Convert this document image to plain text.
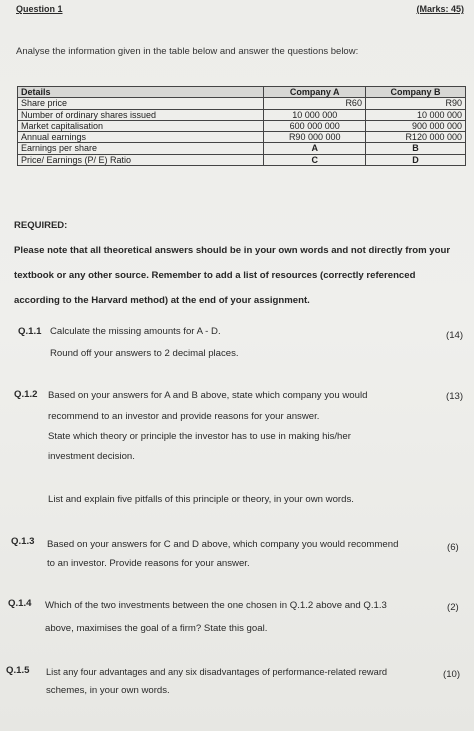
Question 1	(Marks: 45)
Analyse the information given in the table below and answer the questions below:
Details	Company A	Company B
Share price	R60	R90
Number of ordinary shares issued	10 000 000	10 000 000
Market capitalisation	600 000 000	900 000 000
Annual earnings	R90 000 000	R120 000 000
Earnings per share	A	B
Price/ Earnings (P/ E) Ratio	C	D
REQUIRED:
Please note that all theoretical answers should be in your own words and not directly from your
textbook or any other source. Remember to add a list of resources (correctly referenced
according to the Harvard method) at the end of your assignment.
Q.1.1 Calculate the missing amounts for A - D.
Round off your answers to 2 decimal places.
(14)
Q.1.2 Based on your answers for A and B above, state which company you would
recommend to an investor and provide reasons for your answer.
State which theory or principle the investor has to use in making his/her
investment decision.
List and explain five pitfalls of this principle or theory, in your own words.
(13)
Q.1.3 Based on your answers for C and D above, which company you would recommend
to an investor. Provide reasons for your answer.
(6)
Q.1.4 Which of the two investments between the one chosen in Q.1.2 above and Q.1.3
above, maximises the goal of a firm? State this goal.
(2)
Q.1.5 List any four advantages and any six disadvantages of performance-related reward
schemes, in your own words.
(10)
